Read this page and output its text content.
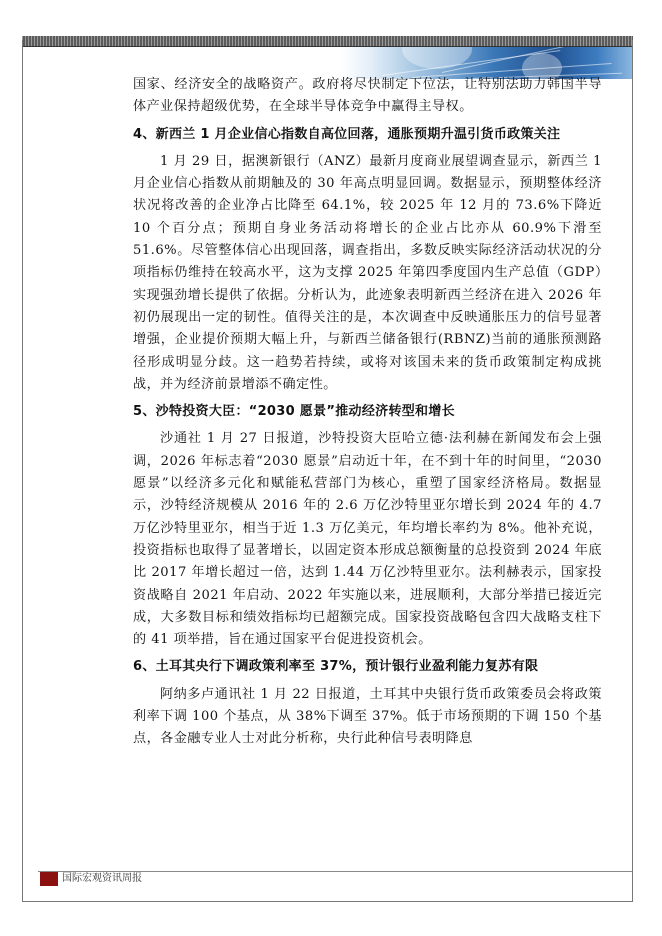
国家、经济安全的战略资产。政府将尽快制定下位法，让特别法助力韩国半导体产业保持超级优势，在全球半导体竞争中赢得主导权。

4、新西兰 1 月企业信心指数自高位回落，通胀预期升温引货币政策关注

1 月 29 日，据澳新银行（ANZ）最新月度商业展望调查显示，新西兰 1 月企业信心指数从前期触及的 30 年高点明显回调。数据显示，预期整体经济状况将改善的企业净占比降至 64.1%，较 2025 年 12 月的 73.6%下降近 10 个百分点；预期自身业务活动将增长的企业占比亦从 60.9%下滑至 51.6%。尽管整体信心出现回落，调查指出，多数反映实际经济活动状况的分项指标仍维持在较高水平，这为支撑 2025 年第四季度国内生产总值（GDP）实现强劲增长提供了依据。分析认为，此迹象表明新西兰经济在进入 2026 年初仍展现出一定的韧性。值得关注的是，本次调查中反映通胀压力的信号显著增强，企业提价预期大幅上升，与新西兰储备银行(RBNZ)当前的通胀预测路径形成明显分歧。这一趋势若持续，或将对该国未来的货币政策制定构成挑战，并为经济前景增添不确定性。

5、沙特投资大臣：“2030 愿景”推动经济转型和增长

沙通社 1 月 27 日报道，沙特投资大臣哈立德·法利赫在新闻发布会上强调，2026 年标志着“2030 愿景”启动近十年，在不到十年的时间里，“2030 愿景”以经济多元化和赋能私营部门为核心，重塑了国家经济格局。数据显示，沙特经济规模从 2016 年的 2.6 万亿沙特里亚尔增长到 2024 年的 4.7 万亿沙特里亚尔，相当于近 1.3 万亿美元，年均增长率约为 8%。他补充说，投资指标也取得了显著增长，以固定资本形成总额衡量的总投资到 2024 年底比 2017 年增长超过一倍，达到 1.44 万亿沙特里亚尔。法利赫表示，国家投资战略自 2021 年启动、2022 年实施以来，进展顺利，大部分举措已接近完成，大多数目标和绩效指标均已超额完成。国家投资战略包含四大战略支柱下的 41 项举措，旨在通过国家平台促进投资机会。

6、土耳其央行下调政策利率至 37%，预计银行业盈利能力复苏有限

阿纳多卢通讯社 1 月 22 日报道，土耳其中央银行货币政策委员会将政策利率下调 100 个基点，从 38%下调至 37%。低于市场预期的下调 150 个基点，各金融专业人士对此分析称，央行此种信号表明降息

国际宏观资讯周报
